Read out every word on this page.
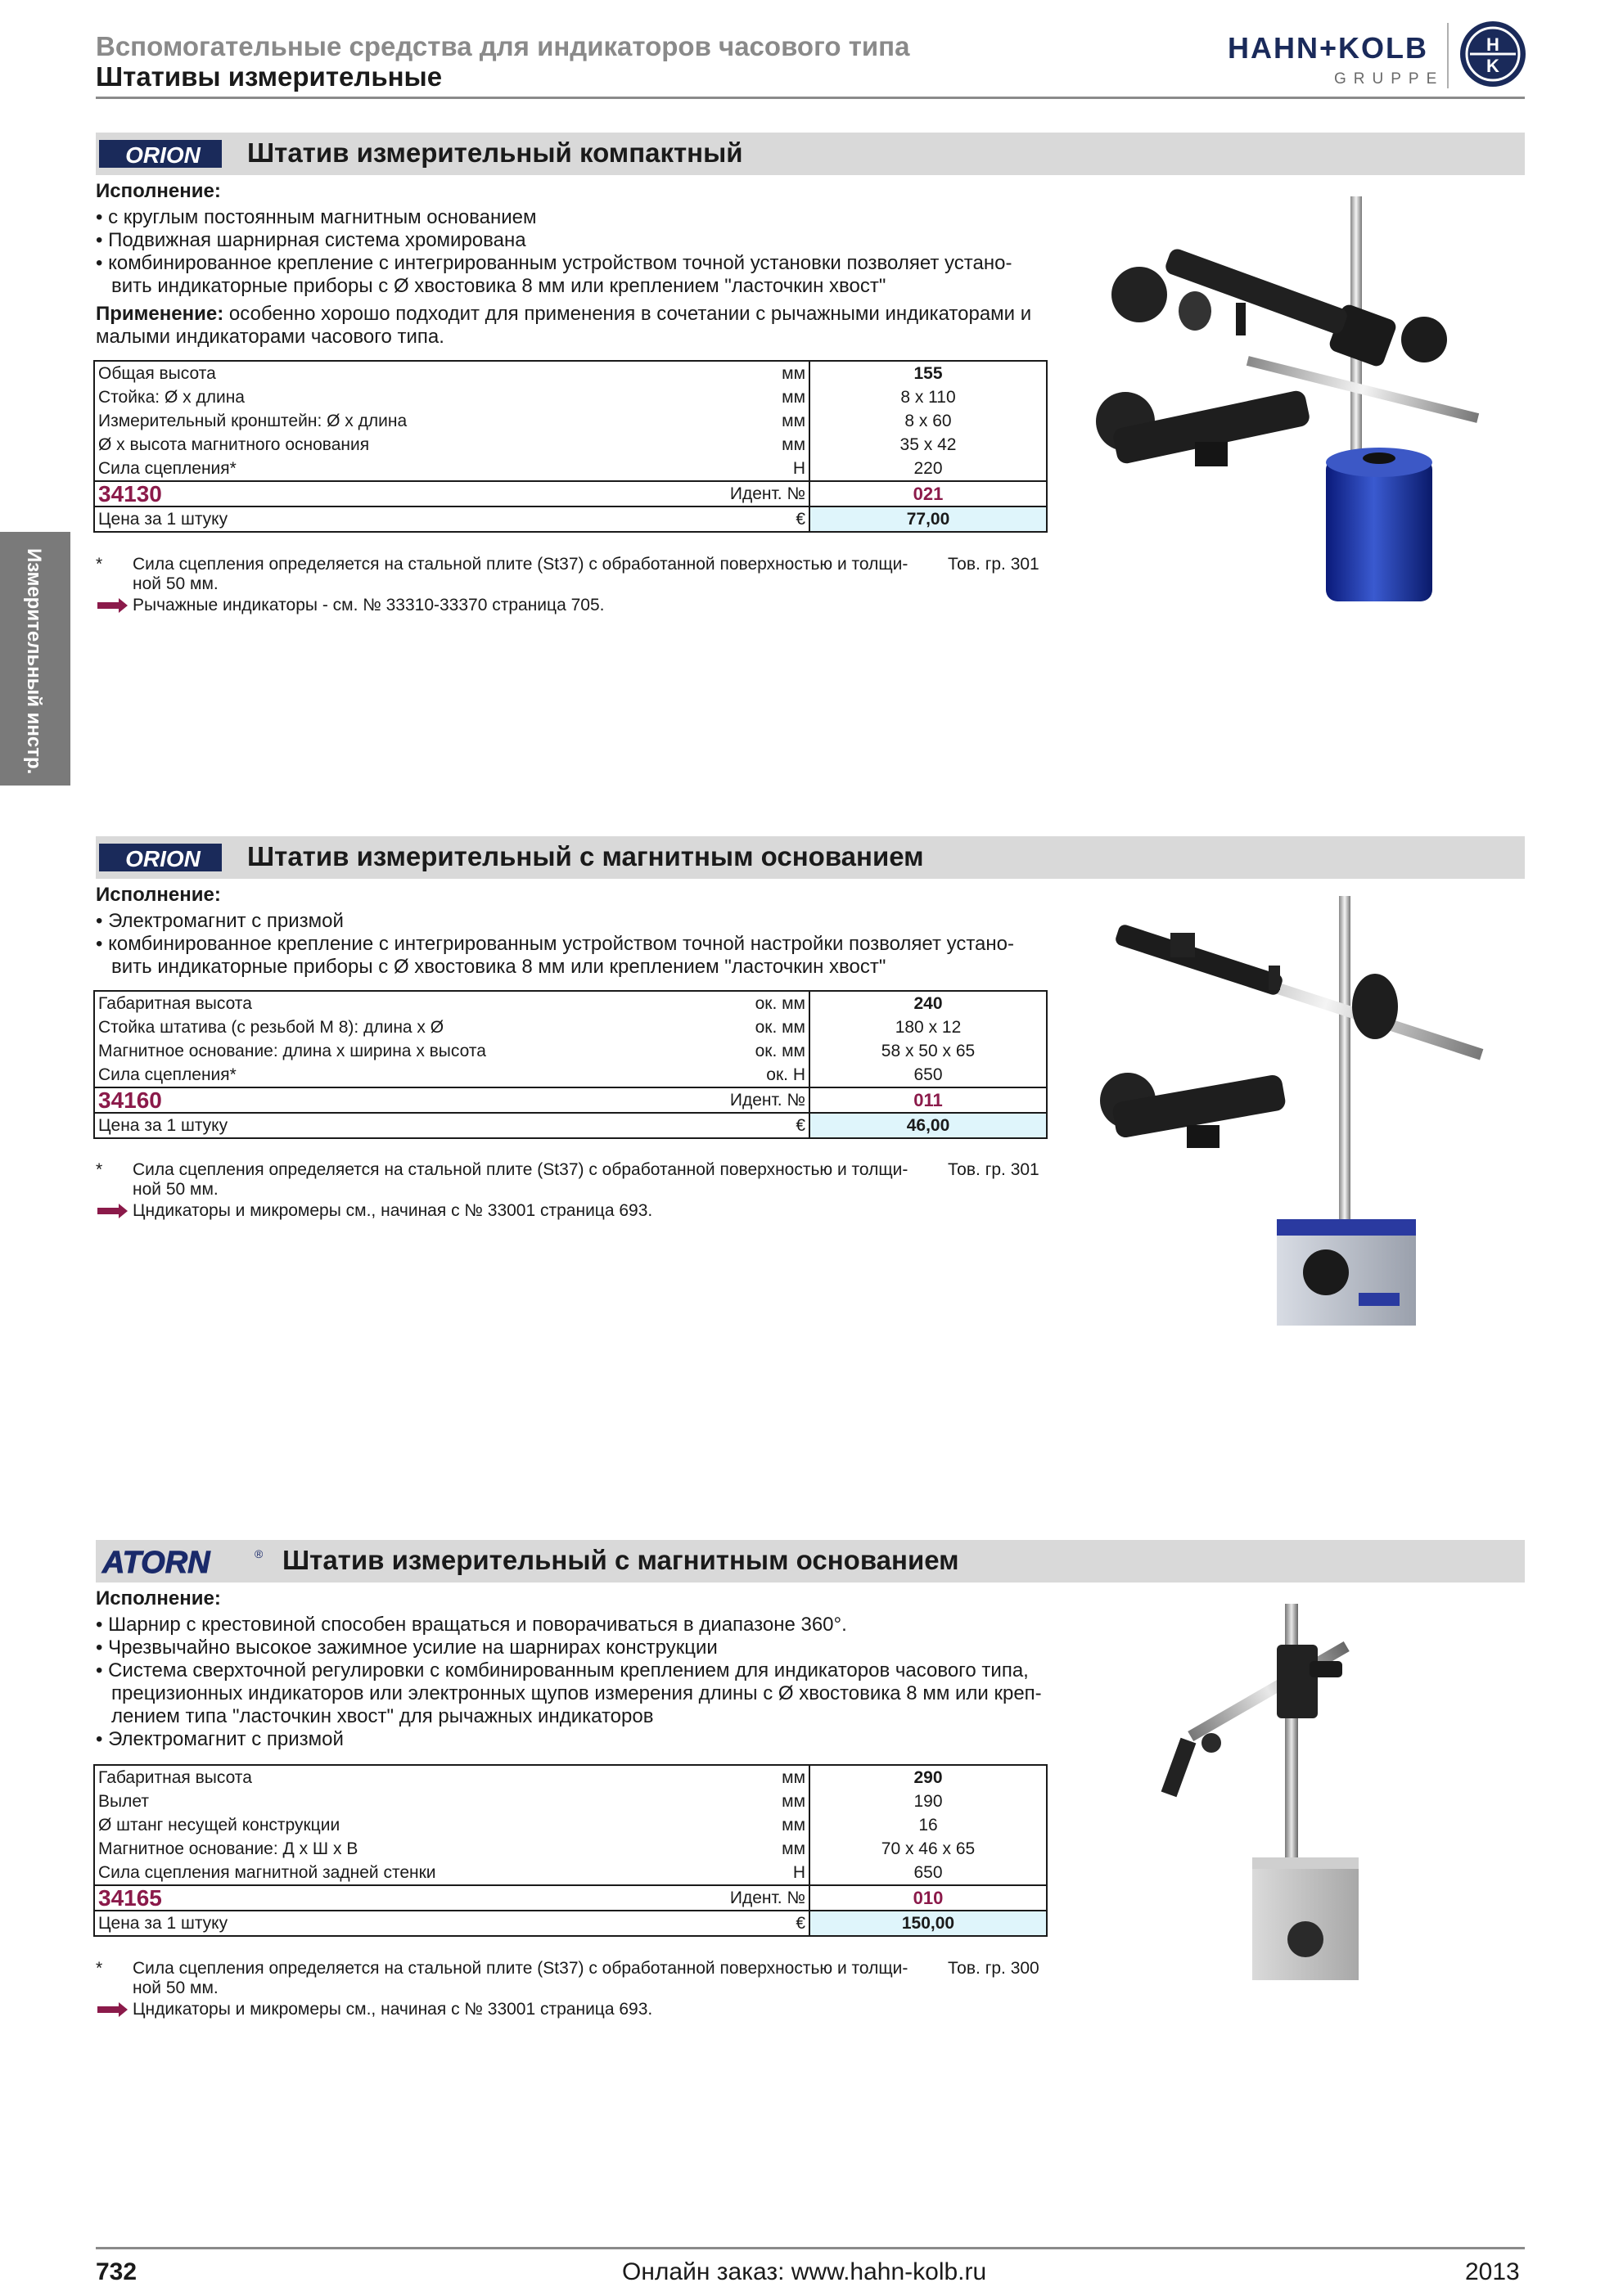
Вспомогательные средства для индикаторов часового типа
Штативы измерительные
HAHN+KOLB
GRUPPE
H
K
Измерительный инстр.
ORION Штатив измерительный компактный
Исполнение:
• с круглым постоянным магнитным основанием
• Подвижная шарнирная система хромирована
• комбинированное крепление с интегрированным устройством точной установки позволяет устано-
вить индикаторные приборы с Ø хвостовика 8 мм или креплением "ласточкин хвост"
Применение: особенно хорошо подходит для применения в сочетании с рычажными индикаторами и
малыми индикаторами часового типа.
Общая высота	мм	155
Стойка: Ø x длина	мм	8 x 110
Измерительный кронштейн: Ø x длина	мм	8 x 60
Ø x высота магнитного основания	мм	35 x 42
Сила сцепления*	Н	220
34130	Идент. №	021
Цена за 1 штуку	€	77,00
* Сила сцепления определяется на стальной плите (St37) с обработанной поверхностью и толщи-
ной 50 мм.
Тов. гр. 301
Рычажные индикаторы - см. № 33310-33370 страница 705.
ORION Штатив измерительный с магнитным основанием
Исполнение:
• Электромагнит с призмой
• комбинированное крепление с интегрированным устройством точной настройки позволяет устано-
вить индикаторные приборы с Ø хвостовика 8 мм или креплением "ласточкин хвост"
Габаритная высота	ок. мм	240
Стойка штатива (с резьбой M 8): длина x Ø	ок. мм	180 x 12
Магнитное основание: длина x ширина x высота	ок. мм	58 x 50 x 65
Сила сцепления*	ок. Н	650
34160	Идент. №	011
Цена за 1 штуку	€	46,00
* Сила сцепления определяется на стальной плите (St37) с обработанной поверхностью и толщи-
ной 50 мм.
Тов. гр. 301
Цндикаторы и микромеры см., начиная с № 33001 страница 693.
ATORN	® Штатив измерительный с магнитным основанием
Исполнение:
• Шарнир с крестовиной способен вращаться и поворачиваться в диапазоне 360°.
• Чрезвычайно высокое зажимное усилие на шарнирах конструкции
• Система сверхточной регулировки с комбинированным креплением для индикаторов часового типа,
прецизионных индикаторов или электронных щупов измерения длины с Ø хвостовика 8 мм или креп-
лением типа "ласточкин хвост" для рычажных индикаторов
• Электромагнит с призмой
Габаритная высота	мм	290
Вылет	мм	190
Ø штанг несущей конструкции	мм	16
Магнитное основание: Д x Ш x В	мм	70 x 46 x 65
Сила сцепления магнитной задней стенки	Н	650
34165	Идент. №	010
Цена за 1 штуку	€	150,00
* Сила сцепления определяется на стальной плите (St37) с обработанной поверхностью и толщи-
ной 50 мм.
Тов. гр. 300
Цндикаторы и микромеры см., начиная с № 33001 страница 693.
732	Онлайн заказ: www.hahn-kolb.ru	2013
